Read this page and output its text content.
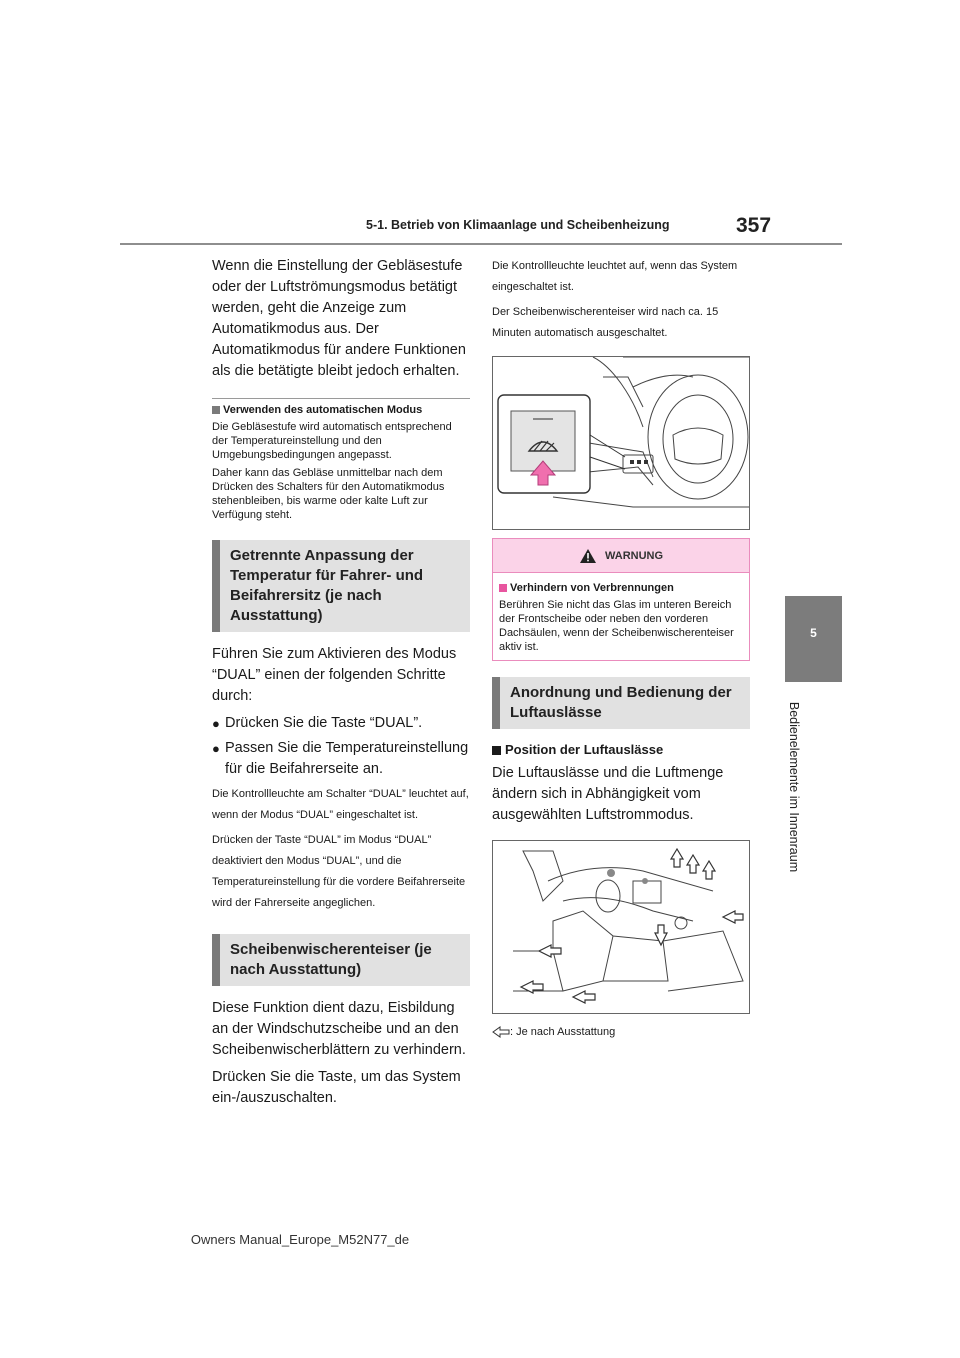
5-1. Betrieb von Klimaanlage und Scheibenheizung	357
5
Bedienelemente im Innenraum

Wenn die Einstellung der Gebläsestufe oder der Luftströmungsmodus betätigt werden, geht die Anzeige zum Automatikmodus aus. Der Automatikmodus für andere Funktionen als die betätigte bleibt jedoch erhalten.

Verwenden des automatischen Modus

Die Gebläsestufe wird automatisch entsprechend der Temperatureinstellung und den Umgebungsbedingungen angepasst.

Daher kann das Gebläse unmittelbar nach dem Drücken des Schalters für den Automatikmodus stehenbleiben, bis warme oder kalte Luft zur Verfügung steht.

Getrennte Anpassung der Temperatur für Fahrer- und Beifahrersitz (je nach Ausstattung)

Führen Sie zum Aktivieren des Modus “DUAL” einen der folgenden Schritte durch:

● Drücken Sie die Taste “DUAL”.
● Passen Sie die Temperatureinstellung für die Beifahrerseite an.

Die Kontrollleuchte am Schalter “DUAL” leuchtet auf, wenn der Modus “DUAL” eingeschaltet ist.

Drücken der Taste “DUAL” im Modus “DUAL” deaktiviert den Modus “DUAL”, und die Temperatureinstellung für die vordere Beifahrerseite wird der Fahrerseite angeglichen.

Scheibenwischerenteiser (je nach Ausstattung)

Diese Funktion dient dazu, Eisbildung an der Windschutzscheibe und an den Scheibenwischerblättern zu verhindern.

Drücken Sie die Taste, um das System ein-/auszuschalten.

Die Kontrollleuchte leuchtet auf, wenn das System eingeschaltet ist.

Der Scheibenwischerenteiser wird nach ca. 15 Minuten automatisch ausgeschaltet.

WARNUNG
Verhindern von Verbrennungen

Berühren Sie nicht das Glas im unteren Bereich der Frontscheibe oder neben den vorderen Dachsäulen, wenn der Scheibenwischerenteiser aktiv ist.

Anordnung und Bedienung der Luftauslässe
Position der Luftauslässe

Die Luftauslässe und die Luftmenge ändern sich in Abhängigkeit vom ausgewählten Luftstrommodus.

: Je nach Ausstattung
Owners Manual_Europe_M52N77_de
